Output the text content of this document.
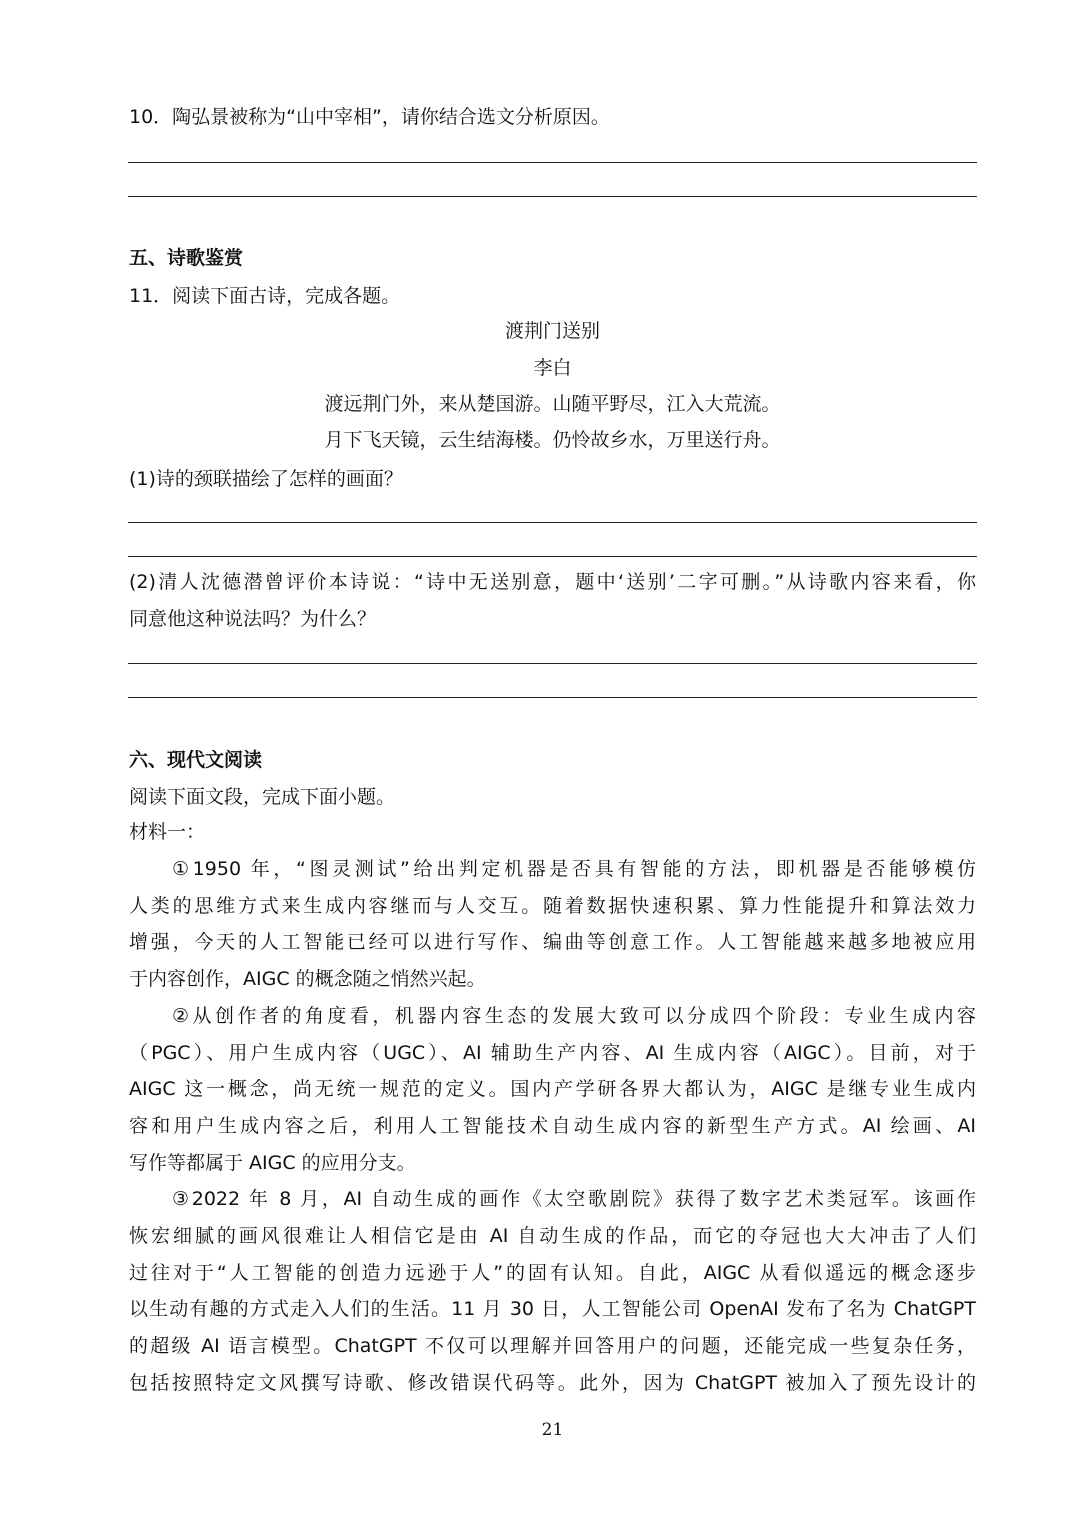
10．陶弘景被称为“山中宰相”，请你结合选文分析原因。
五、诗歌鉴赏
11．阅读下面古诗，完成各题。
渡荆门送别
李白
渡远荆门外，来从楚国游。山随平野尽，江入大荒流。
月下飞天镜，云生结海楼。仍怜故乡水，万里送行舟。
(1)诗的颈联描绘了怎样的画面？
(2)清人沈德潜曾评价本诗说：“诗中无送别意，题中‘送别’二字可删。”从诗歌内容来看，你
同意他这种说法吗？为什么？
六、现代文阅读
阅读下面文段，完成下面小题。
材料一：
①1950 年，“图灵测试”给出判定机器是否具有智能的方法，即机器是否能够模仿
人类的思维方式来生成内容继而与人交互。随着数据快速积累、算力性能提升和算法效力
增强，今天的人工智能已经可以进行写作、编曲等创意工作。人工智能越来越多地被应用
于内容创作，AIGC 的概念随之悄然兴起。
②从创作者的角度看，机器内容生态的发展大致可以分成四个阶段：专业生成内容
（PGC）、用户生成内容（UGC）、AI 辅助生产内容、AI 生成内容（AIGC）。目前，对于
AIGC 这一概念，尚无统一规范的定义。国内产学研各界大都认为，AIGC 是继专业生成内
容和用户生成内容之后，利用人工智能技术自动生成内容的新型生产方式。AI 绘画、AI
写作等都属于 AIGC 的应用分支。
③2022 年 8 月，AI 自动生成的画作《太空歌剧院》获得了数字艺术类冠军。该画作
恢宏细腻的画风很难让人相信它是由 AI 自动生成的作品，而它的夺冠也大大冲击了人们
过往对于“人工智能的创造力远逊于人”的固有认知。自此，AIGC 从看似遥远的概念逐步
以生动有趣的方式走入人们的生活。11 月 30 日，人工智能公司 OpenAI 发布了名为 ChatGPT
的超级 AI 语言模型。ChatGPT 不仅可以理解并回答用户的问题，还能完成一些复杂任务，
包括按照特定文风撰写诗歌、修改错误代码等。此外，因为 ChatGPT 被加入了预先设计的
21
